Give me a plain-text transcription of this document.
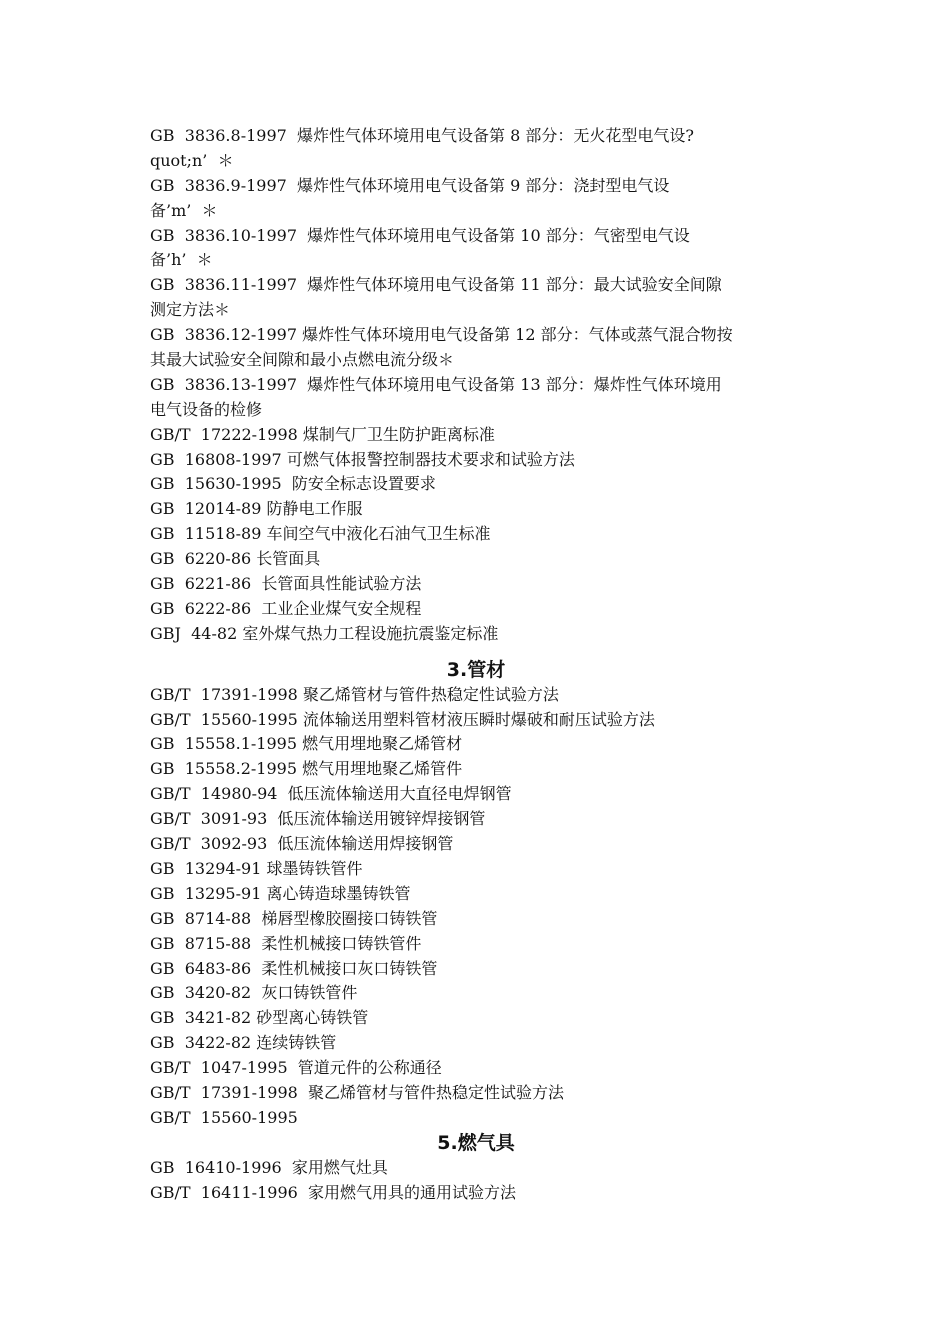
GB  3836.8-1997  爆炸性气体环境用电气设备第 8 部分：无火花型电气设?
quot;n’  ＊
GB  3836.9-1997  爆炸性气体环境用电气设备第 9 部分：浇封型电气设
备’m’  ＊
GB  3836.10-1997  爆炸性气体环境用电气设备第 10 部分：气密型电气设
备’h’  ＊
GB  3836.11-1997  爆炸性气体环境用电气设备第 11 部分：最大试验安全间隙
测定方法＊
GB  3836.12-1997 爆炸性气体环境用电气设备第 12 部分：气体或蒸气混合物按
其最大试验安全间隙和最小点燃电流分级＊
GB  3836.13-1997  爆炸性气体环境用电气设备第 13 部分：爆炸性气体环境用
电气设备的检修
GB/T  17222-1998 煤制气厂卫生防护距离标准
GB  16808-1997 可燃气体报警控制器技术要求和试验方法
GB  15630-1995  防安全标志设置要求
GB  12014-89 防静电工作服
GB  11518-89 车间空气中液化石油气卫生标准
GB  6220-86 长管面具
GB  6221-86  长管面具性能试验方法
GB  6222-86  工业企业煤气安全规程
GBJ  44-82 室外煤气热力工程设施抗震鉴定标准
3.管材
GB/T  17391-1998 聚乙烯管材与管件热稳定性试验方法
GB/T  15560-1995 流体输送用塑料管材液压瞬时爆破和耐压试验方法
GB  15558.1-1995 燃气用埋地聚乙烯管材
GB  15558.2-1995 燃气用埋地聚乙烯管件
GB/T  14980-94  低压流体输送用大直径电焊钢管
GB/T  3091-93  低压流体输送用镀锌焊接钢管
GB/T  3092-93  低压流体输送用焊接钢管
GB  13294-91 球墨铸铁管件
GB  13295-91 离心铸造球墨铸铁管
GB  8714-88  梯唇型橡胶圈接口铸铁管
GB  8715-88  柔性机械接口铸铁管件
GB  6483-86  柔性机械接口灰口铸铁管
GB  3420-82  灰口铸铁管件
GB  3421-82 砂型离心铸铁管
GB  3422-82 连续铸铁管
GB/T  1047-1995  管道元件的公称通径
GB/T  17391-1998  聚乙烯管材与管件热稳定性试验方法
GB/T  15560-1995
5.燃气具
GB  16410-1996  家用燃气灶具
GB/T  16411-1996  家用燃气用具的通用试验方法
